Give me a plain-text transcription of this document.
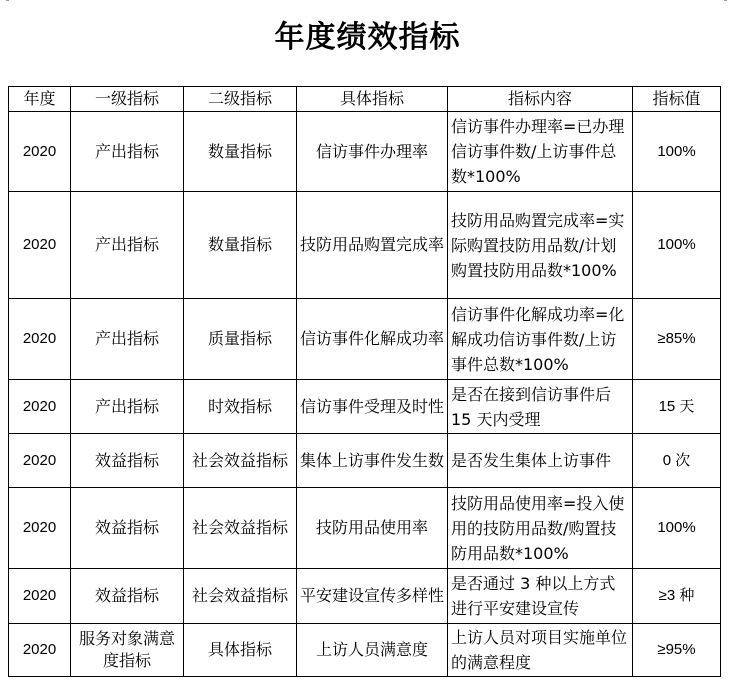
年度绩效指标
年度	一级指标	二级指标	具体指标	指标内容	指标值
2020	产出指标	数量指标	信访事件办理率	信访事件办理率=已办理信访事件数/上访事件总数*100%	100%
2020	产出指标	数量指标	技防用品购置完成率	技防用品购置完成率=实际购置技防用品数/计划购置技防用品数*100%	100%
2020	产出指标	质量指标	信访事件化解成功率	信访事件化解成功率=化解成功信访事件数/上访事件总数*100%	≥85%
2020	产出指标	时效指标	信访事件受理及时性	是否在接到信访事件后 15 天内受理	15 天
2020	效益指标	社会效益指标	集体上访事件发生数	是否发生集体上访事件	0 次
2020	效益指标	社会效益指标	技防用品使用率	技防用品使用率=投入使用的技防用品数/购置技防用品数*100%	100%
2020	效益指标	社会效益指标	平安建设宣传多样性	是否通过 3 种以上方式进行平安建设宣传	≥3 种
2020	服务对象满意度指标	具体指标	上访人员满意度	上访人员对项目实施单位的满意程度	≥95%
